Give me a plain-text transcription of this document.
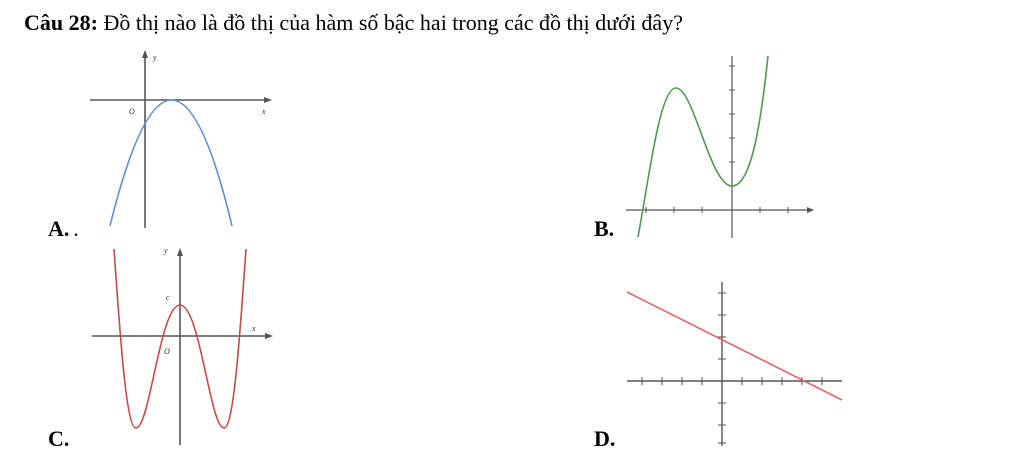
Câu 28: Đồ thị nào là đồ thị của hàm số bậc hai trong các đồ thị dưới đây?
A. .
y
x
O
B.
C.
y
x
O
c
D.
